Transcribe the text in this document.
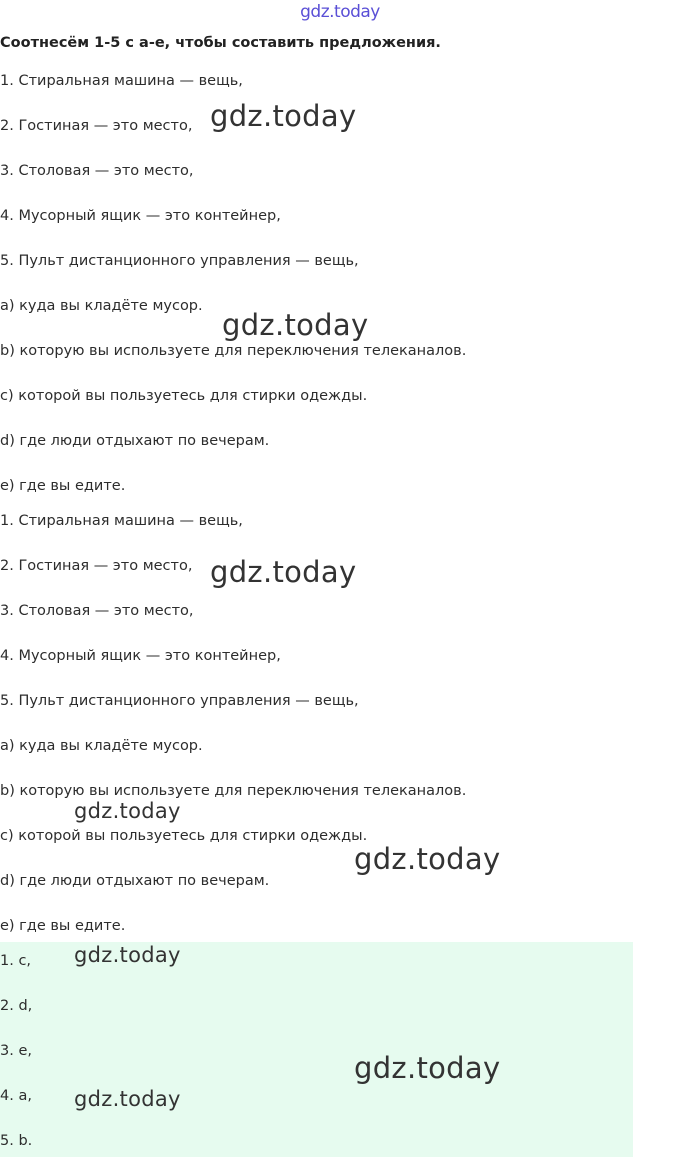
gdz.today
Соотнесём 1-5 с a-e, чтобы составить предложения.
1. Стиральная машина — вещь,
2. Гостиная — это место,
3. Столовая — это место,
4. Мусорный ящик — это контейнер,
5. Пульт дистанционного управления — вещь,
a) куда вы кладёте мусор.
b) которую вы используете для переключения телеканалов.
c) которой вы пользуетесь для стирки одежды.
d) где люди отдыхают по вечерам.
e) где вы едите.
1. Стиральная машина — вещь,
2. Гостиная — это место,
3. Столовая — это место,
4. Мусорный ящик — это контейнер,
5. Пульт дистанционного управления — вещь,
a) куда вы кладёте мусор.
b) которую вы используете для переключения телеканалов.
c) которой вы пользуетесь для стирки одежды.
d) где люди отдыхают по вечерам.
e) где вы едите.
1. c,
2. d,
3. e,
4. a,
5. b.
gdz.today
gdz.today
gdz.today
gdz.today
gdz.today
gdz.today
gdz.today
gdz.today
